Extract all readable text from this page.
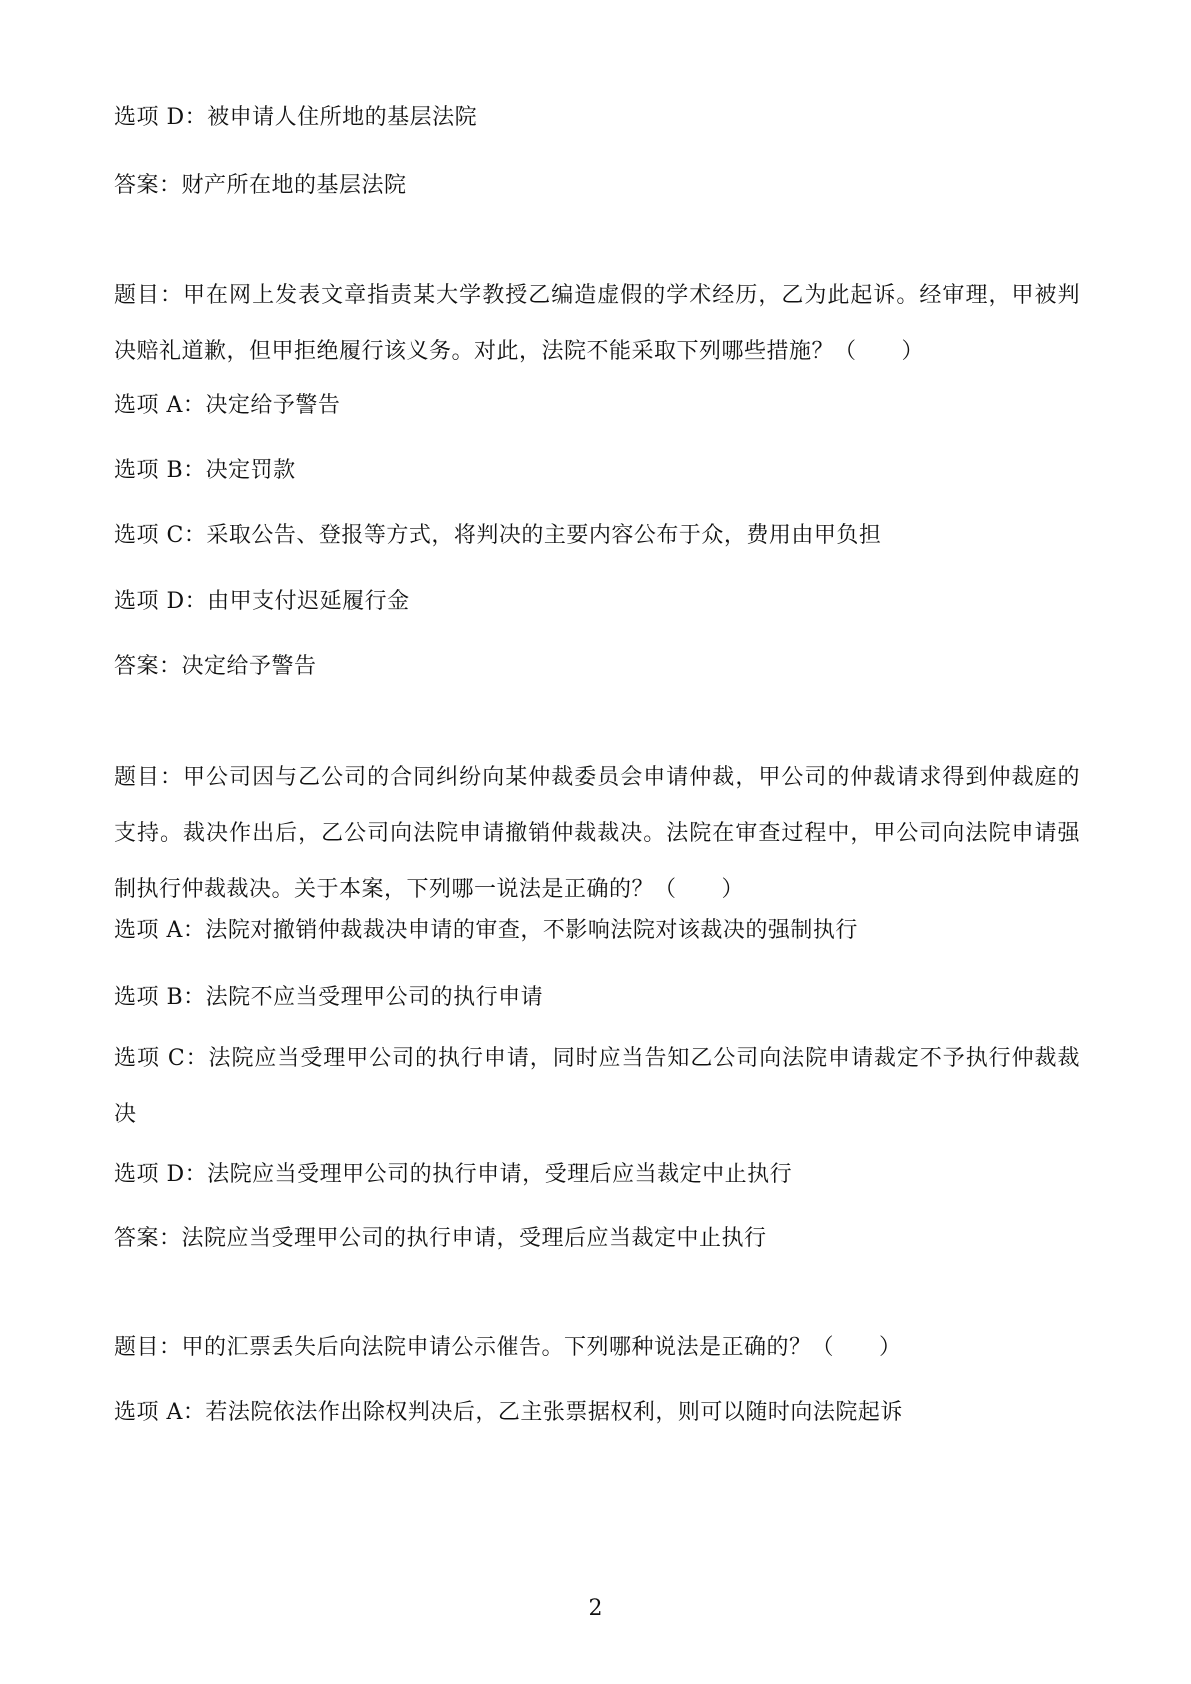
选项 D：被申请人住所地的基层法院
答案：财产所在地的基层法院
题目：甲在网上发表文章指责某大学教授乙编造虚假的学术经历，乙为此起诉。经审理，甲被判决赔礼道歉，但甲拒绝履行该义务。对此，法院不能采取下列哪些措施？（　　）
选项 A：决定给予警告
选项 B：决定罚款
选项 C：采取公告、登报等方式，将判决的主要内容公布于众，费用由甲负担
选项 D：由甲支付迟延履行金
答案：决定给予警告
题目：甲公司因与乙公司的合同纠纷向某仲裁委员会申请仲裁，甲公司的仲裁请求得到仲裁庭的支持。裁决作出后，乙公司向法院申请撤销仲裁裁决。法院在审查过程中，甲公司向法院申请强制执行仲裁裁决。关于本案，下列哪一说法是正确的？（　　）
选项 A：法院对撤销仲裁裁决申请的审查，不影响法院对该裁决的强制执行
选项 B：法院不应当受理甲公司的执行申请
选项 C：法院应当受理甲公司的执行申请，同时应当告知乙公司向法院申请裁定不予执行仲裁裁决
选项 D：法院应当受理甲公司的执行申请，受理后应当裁定中止执行
答案：法院应当受理甲公司的执行申请，受理后应当裁定中止执行
题目：甲的汇票丢失后向法院申请公示催告。下列哪种说法是正确的？（　　）
选项 A：若法院依法作出除权判决后，乙主张票据权利，则可以随时向法院起诉
2
